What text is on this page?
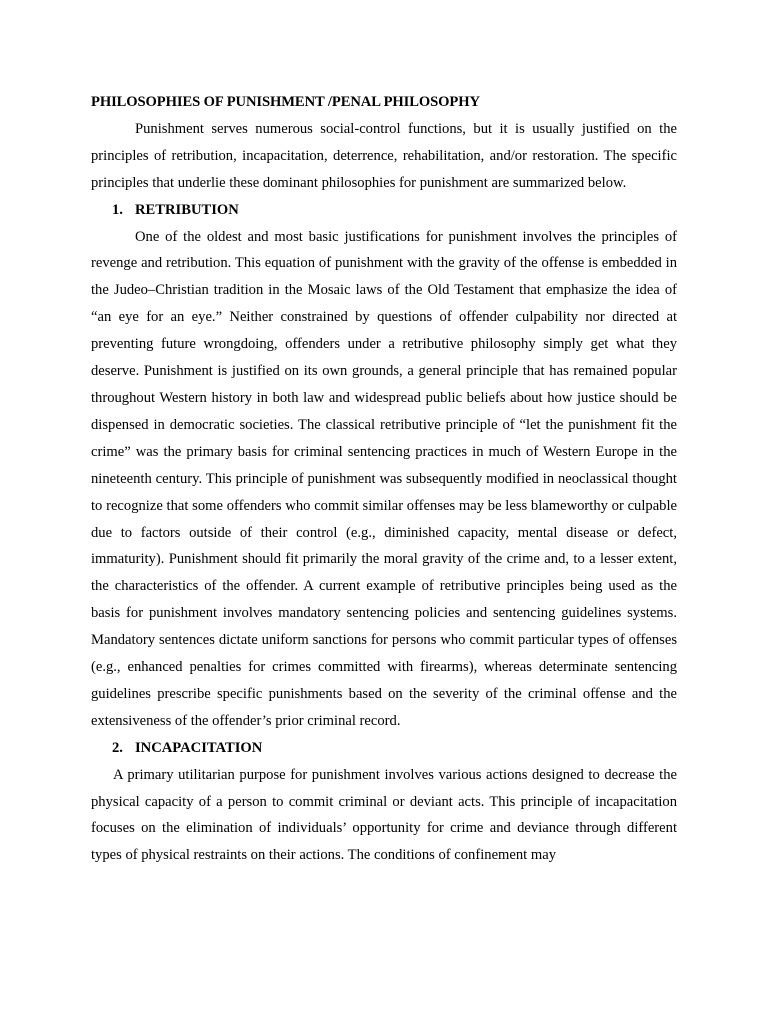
PHILOSOPHIES OF PUNISHMENT /PENAL PHILOSOPHY

Punishment serves numerous social-control functions, but it is usually justified on the principles of retribution, incapacitation, deterrence, rehabilitation, and/or restoration. The specific principles that underlie these dominant philosophies for punishment are summarized below.

1. RETRIBUTION

One of the oldest and most basic justifications for punishment involves the principles of revenge and retribution. This equation of punishment with the gravity of the offense is embedded in the Judeo–Christian tradition in the Mosaic laws of the Old Testament that emphasize the idea of “an eye for an eye.” Neither constrained by questions of offender culpability nor directed at preventing future wrongdoing, offenders under a retributive philosophy simply get what they deserve. Punishment is justified on its own grounds, a general principle that has remained popular throughout Western history in both law and widespread public beliefs about how justice should be dispensed in democratic societies. The classical retributive principle of “let the punishment fit the crime” was the primary basis for criminal sentencing practices in much of Western Europe in the nineteenth century. This principle of punishment was subsequently modified in neoclassical thought to recognize that some offenders who commit similar offenses may be less blameworthy or culpable due to factors outside of their control (e.g., diminished capacity, mental disease or defect, immaturity). Punishment should fit primarily the moral gravity of the crime and, to a lesser extent, the characteristics of the offender. A current example of retributive principles being used as the basis for punishment involves mandatory sentencing policies and sentencing guidelines systems. Mandatory sentences dictate uniform sanctions for persons who commit particular types of offenses (e.g., enhanced penalties for crimes committed with firearms), whereas determinate sentencing guidelines prescribe specific punishments based on the severity of the criminal offense and the extensiveness of the offender’s prior criminal record.

2. INCAPACITATION

A primary utilitarian purpose for punishment involves various actions designed to decrease the physical capacity of a person to commit criminal or deviant acts. This principle of incapacitation focuses on the elimination of individuals’ opportunity for crime and deviance through different types of physical restraints on their actions. The conditions of confinement may
